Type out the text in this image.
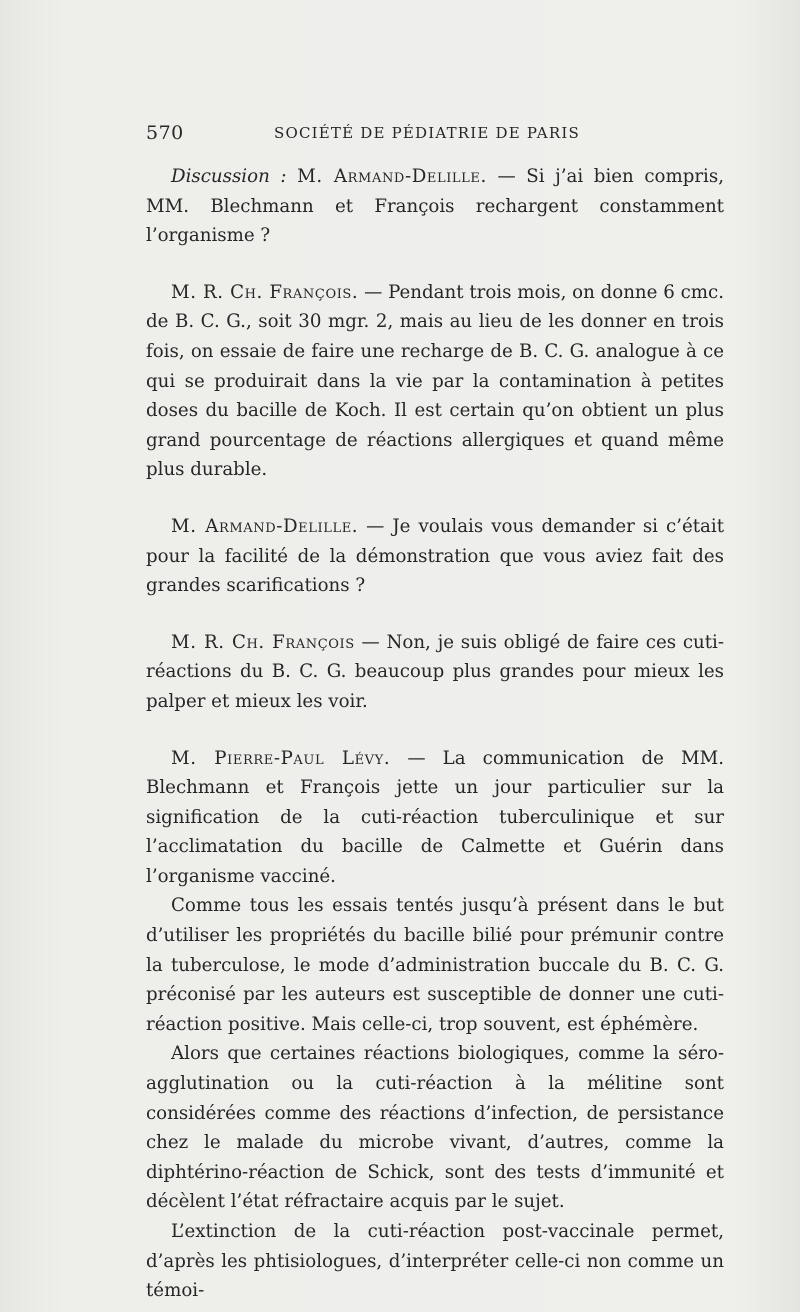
570	SOCIÉTÉ DE PÉDIATRIE DE PARIS

Discussion : M. Armand-Delille. — Si j’ai bien compris, MM. Blechmann et François rechargent constamment l’organisme ?

M. R. Ch. François. — Pendant trois mois, on donne 6 cmc. de B. C. G., soit 30 mgr. 2, mais au lieu de les donner en trois fois, on essaie de faire une recharge de B. C. G. analogue à ce qui se produirait dans la vie par la contamination à petites doses du bacille de Koch. Il est certain qu’on obtient un plus grand pourcentage de réactions allergiques et quand même plus durable.

M. Armand-Delille. — Je voulais vous demander si c’était pour la facilité de la démonstration que vous aviez fait des grandes scarifications ?

M. R. Ch. François — Non, je suis obligé de faire ces cuti-réactions du B. C. G. beaucoup plus grandes pour mieux les palper et mieux les voir.

M. Pierre-Paul Lévy. — La communication de MM. Blechmann et François jette un jour particulier sur la signification de la cuti-réaction tuberculinique et sur l’acclimatation du bacille de Calmette et Guérin dans l’organisme vacciné.

Comme tous les essais tentés jusqu’à présent dans le but d’utiliser les propriétés du bacille bilié pour prémunir contre la tuberculose, le mode d’administration buccale du B. C. G. préconisé par les auteurs est susceptible de donner une cuti-réaction positive. Mais celle-ci, trop souvent, est éphémère.

Alors que certaines réactions biologiques, comme la séro-agglutination ou la cuti-réaction à la mélitine sont considérées comme des réactions d’infection, de persistance chez le malade du microbe vivant, d’autres, comme la diphtérino-réaction de Schick, sont des tests d’immunité et décèlent l’état réfractaire acquis par le sujet.

L’extinction de la cuti-réaction post-vaccinale permet, d’après les phtisiologues, d’interpréter celle-ci non comme un témoi-
